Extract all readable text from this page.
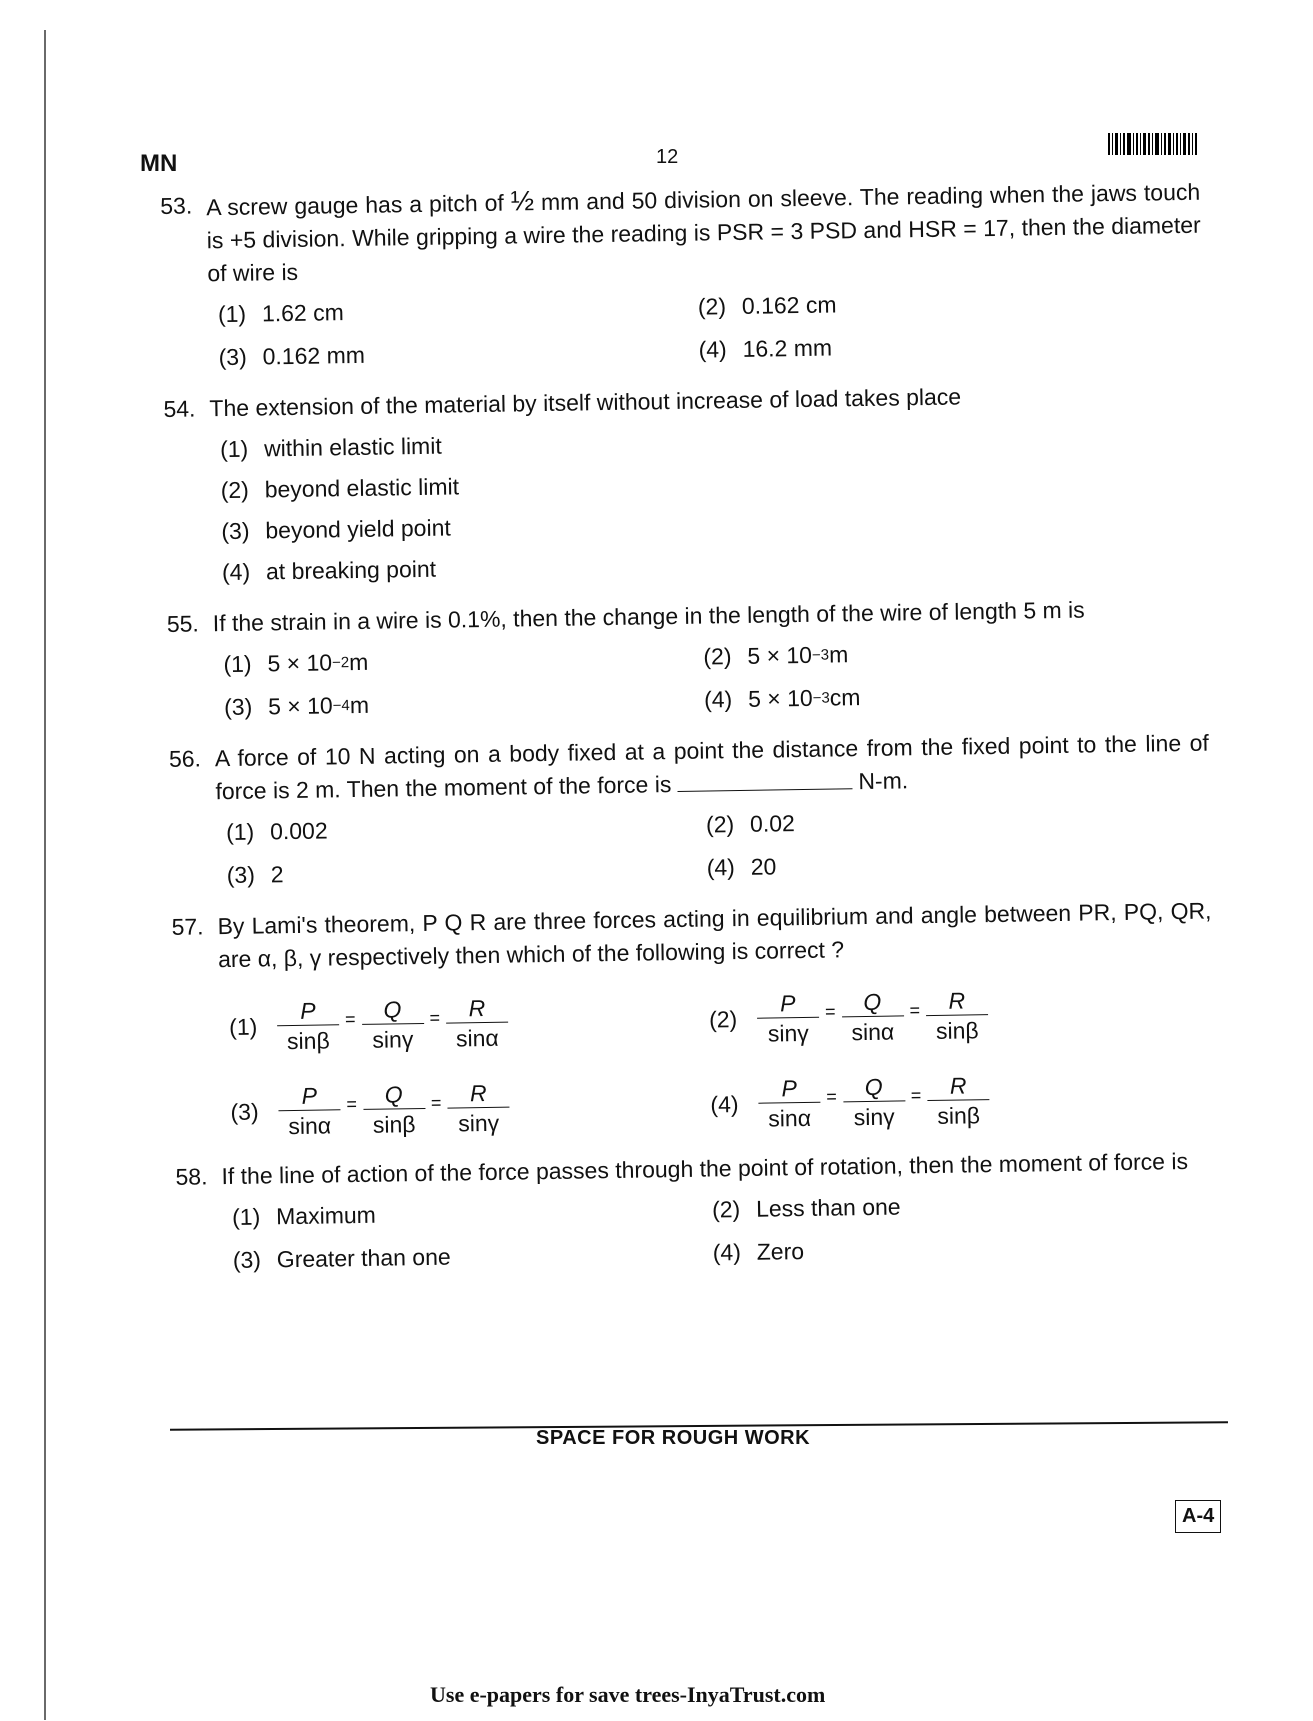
MN	12
53. A screw gauge has a pitch of ½ mm and 50 division on sleeve. The reading when the jaws touch is +5 division. While gripping a wire the reading is PSR = 3 PSD and HSR = 17, then the diameter of wire is
(1) 1.62 cm	(2) 0.162 cm
(3) 0.162 mm	(4) 16.2 mm
54. The extension of the material by itself without increase of load takes place
(1) within elastic limit
(2) beyond elastic limit
(3) beyond yield point
(4) at breaking point
55. If the strain in a wire is 0.1%, then the change in the length of the wire of length 5 m is
(1) 5 × 10 −2 m	(2) 5 × 10 −3 m
(3) 5 × 10 −4 m	(4) 5 × 10 −3 cm
56. A force of 10 N acting on a body fixed at a point the distance from the fixed point to the line of force is 2 m. Then the moment of the force is	N-m.
(1) 0.002	(2) 0.02
(3) 2	(4) 20
57. By Lami's theorem, P Q R are three forces acting in equilibrium and angle between PR, PQ, QR, are α, β, γ respectively then which of the following is correct ?
$(1) \frac{P}{\sin\beta} = \frac{Q}{\sin\gamma} = \frac{R}{\sin\alpha}$	$(2) \frac{P}{\sin\gamma} = \frac{Q}{\sin\alpha} = \frac{R}{\sin\beta}$
$(3) \frac{P}{\sin\alpha} = \frac{Q}{\sin\beta} = \frac{R}{\sin\gamma}$	$(4) \frac{P}{\sin\alpha} = \frac{Q}{\sin\gamma} = \frac{R}{\sin\beta}$
58. If the line of action of the force passes through the point of rotation, then the moment of force is
(1) Maximum	(2) Less than one
(3) Greater than one	(4) Zero
SPACE FOR ROUGH WORK
A-4
Use e-papers for save trees-InyaTrust.com
